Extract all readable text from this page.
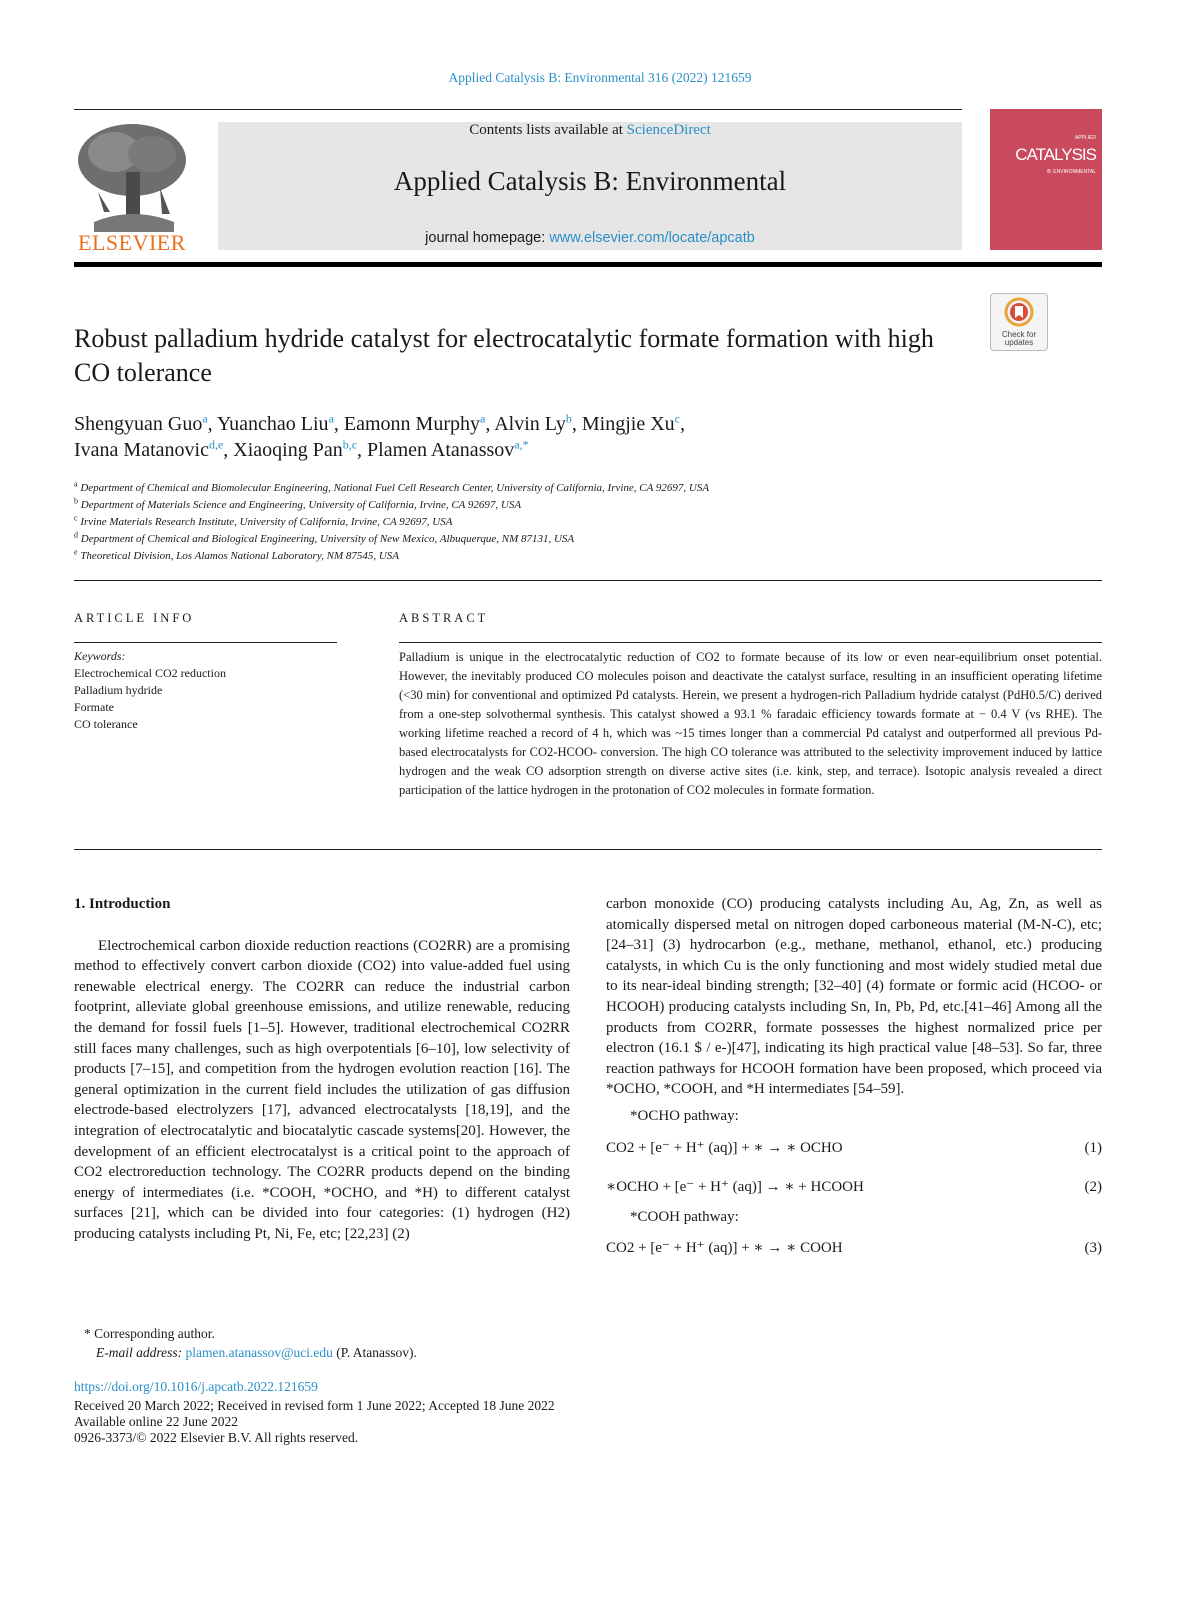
Applied Catalysis B: Environmental 316 (2022) 121659
ELSEVIER
Contents lists available at ScienceDirect
Applied Catalysis B: Environmental
journal homepage: www.elsevier.com/locate/apcatb
APPLIED
CATALYSIS
B: ENVIRONMENTAL
Check for updates
Robust palladium hydride catalyst for electrocatalytic formate formation with high CO tolerance
Shengyuan Guo$^a$, Yuanchao Liu$^a$, Eamonn Murphy$^a$, Alvin Ly$^b$, Mingjie Xu$^c$,
Ivana Matanovic$^{d,e}$, Xiaoqing Pan$^{b,c}$, Plamen Atanassov$^{a,*}$
$^a$ Department of Chemical and Biomolecular Engineering, National Fuel Cell Research Center, University of California, Irvine, CA 92697, USA
$^b$ Department of Materials Science and Engineering, University of California, Irvine, CA 92697, USA
$^c$ Irvine Materials Research Institute, University of California, Irvine, CA 92697, USA
$^d$ Department of Chemical and Biological Engineering, University of New Mexico, Albuquerque, NM 87131, USA
$^e$ Theoretical Division, Los Alamos National Laboratory, NM 87545, USA
ARTICLE INFO	ABSTRACT
Keywords:
Electrochemical CO2 reduction
Palladium hydride
Formate
CO tolerance
Palladium is unique in the electrocatalytic reduction of CO2 to formate because of its low or even near-equilibrium onset potential. However, the inevitably produced CO molecules poison and deactivate the catalyst surface, resulting in an insufficient operating lifetime (<30 min) for conventional and optimized Pd catalysts. Herein, we present a hydrogen-rich Palladium hydride catalyst (PdH0.5/C) derived from a one-step solvothermal synthesis. This catalyst showed a 93.1 % faradaic efficiency towards formate at − 0.4 V (vs RHE). The working lifetime reached a record of 4 h, which was ~15 times longer than a commercial Pd catalyst and outperformed all previous Pd-based electrocatalysts for CO2-HCOO- conversion. The high CO tolerance was attributed to the selectivity improvement induced by lattice hydrogen and the weak CO adsorption strength on diverse active sites (i.e. kink, step, and terrace). Isotopic analysis revealed a direct participation of the lattice hydrogen in the protonation of CO2 molecules in formate formation.
1. Introduction

Electrochemical carbon dioxide reduction reactions (CO2RR) are a promising method to effectively convert carbon dioxide (CO2) into value-added fuel using renewable electrical energy. The CO2RR can reduce the industrial carbon footprint, alleviate global greenhouse emissions, and utilize renewable, reducing the demand for fossil fuels [1–5]. However, traditional electrochemical CO2RR still faces many challenges, such as high overpotentials [6–10], low selectivity of products [7–15], and competition from the hydrogen evolution reaction [16]. The general optimization in the current field includes the utilization of gas diffusion electrode-based electrolyzers [17], advanced electrocatalysts [18,19], and the integration of electrocatalytic and biocatalytic cascade systems[20]. However, the development of an efficient electrocatalyst is a critical point to the approach of CO2 electroreduction technology. The CO2RR products depend on the binding energy of intermediates (i.e. *COOH, *OCHO, and *H) to different catalyst surfaces [21], which can be divided into four categories: (1) hydrogen (H2) producing catalysts including Pt, Ni, Fe, etc; [22,23] (2)

carbon monoxide (CO) producing catalysts including Au, Ag, Zn, as well as atomically dispersed metal on nitrogen doped carboneous material (M-N-C), etc; [24–31] (3) hydrocarbon (e.g., methane, methanol, ethanol, etc.) producing catalysts, in which Cu is the only functioning and most widely studied metal due to its near-ideal binding strength; [32–40] (4) formate or formic acid (HCOO- or HCOOH) producing catalysts including Sn, In, Pb, Pd, etc.[41–46] Among all the products from CO2RR, formate possesses the highest normalized price per electron (16.1 $ / e-)[47], indicating its high practical value [48–53]. So far, three reaction pathways for HCOOH formation have been proposed, which proceed via *OCHO, *COOH, and *H intermediates [54–59].

*OCHO pathway:
CO2 + [e⁻ + H⁺ (aq)] + ∗ → ∗ OCHO	(1)
∗OCHO + [e⁻ + H⁺ (aq)] → ∗ + HCOOH	(2)
*COOH pathway:
CO2 + [e⁻ + H⁺ (aq)] + ∗ → ∗ COOH	(3)
* Corresponding author.
E-mail address: plamen.atanassov@uci.edu (P. Atanassov).
https://doi.org/10.1016/j.apcatb.2022.121659
Received 20 March 2022; Received in revised form 1 June 2022; Accepted 18 June 2022
Available online 22 June 2022
0926-3373/© 2022 Elsevier B.V. All rights reserved.
